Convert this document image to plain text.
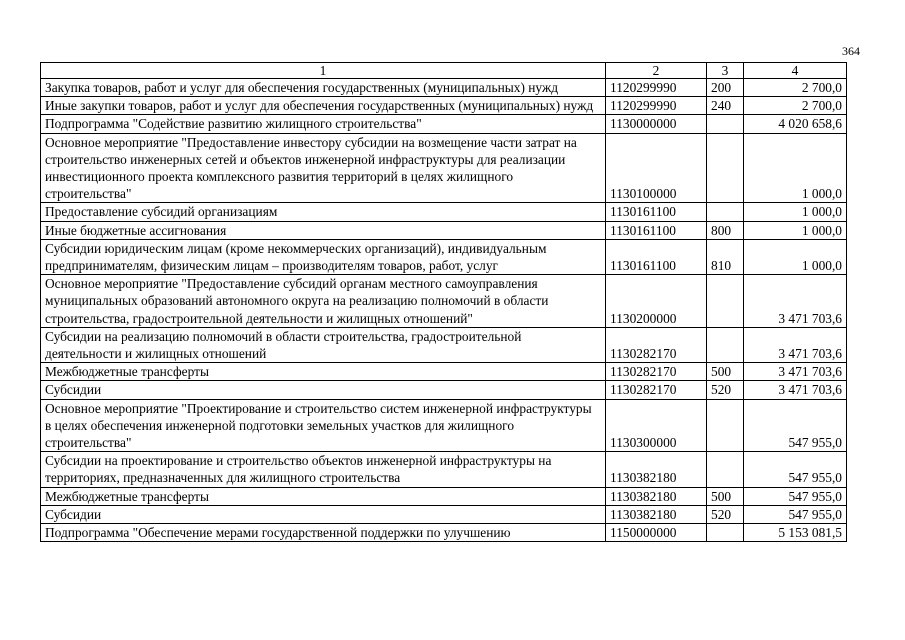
364
1	2	3	4
Закупка товаров, работ и услуг для обеспечения государственных (муниципальных) нужд	1120299990	200	2 700,0
Иные закупки товаров, работ и услуг для обеспечения государственных (муниципальных) нужд	1120299990	240	2 700,0
Подпрограмма "Содействие развитию жилищного строительства"	1130000000		4 020 658,6
Основное мероприятие "Предоставление инвестору субсидии на возмещение части затрат на строительство инженерных сетей и объектов инженерной инфраструктуры для реализации инвестиционного проекта комплексного развития территорий в целях жилищного строительства"	1130100000		1 000,0
Предоставление субсидий организациям	1130161100		1 000,0
Иные бюджетные ассигнования	1130161100	800	1 000,0
Субсидии юридическим лицам (кроме некоммерческих организаций), индивидуальным предпринимателям, физическим лицам – производителям товаров, работ, услуг	1130161100	810	1 000,0
Основное мероприятие "Предоставление субсидий органам местного самоуправления муниципальных образований автономного округа на реализацию полномочий в области строительства, градостроительной деятельности и жилищных отношений"	1130200000		3 471 703,6
Субсидии на реализацию полномочий в области строительства, градостроительной деятельности и жилищных отношений	1130282170		3 471 703,6
Межбюджетные трансферты	1130282170	500	3 471 703,6
Субсидии	1130282170	520	3 471 703,6
Основное мероприятие "Проектирование и строительство систем инженерной инфраструктуры в целях обеспечения инженерной подготовки земельных участков для жилищного строительства"	1130300000		547 955,0
Субсидии на проектирование и строительство объектов инженерной инфраструктуры на территориях, предназначенных для жилищного строительства	1130382180		547 955,0
Межбюджетные трансферты	1130382180	500	547 955,0
Субсидии	1130382180	520	547 955,0
Подпрограмма "Обеспечение мерами государственной поддержки по улучшению	1150000000		5 153 081,5
